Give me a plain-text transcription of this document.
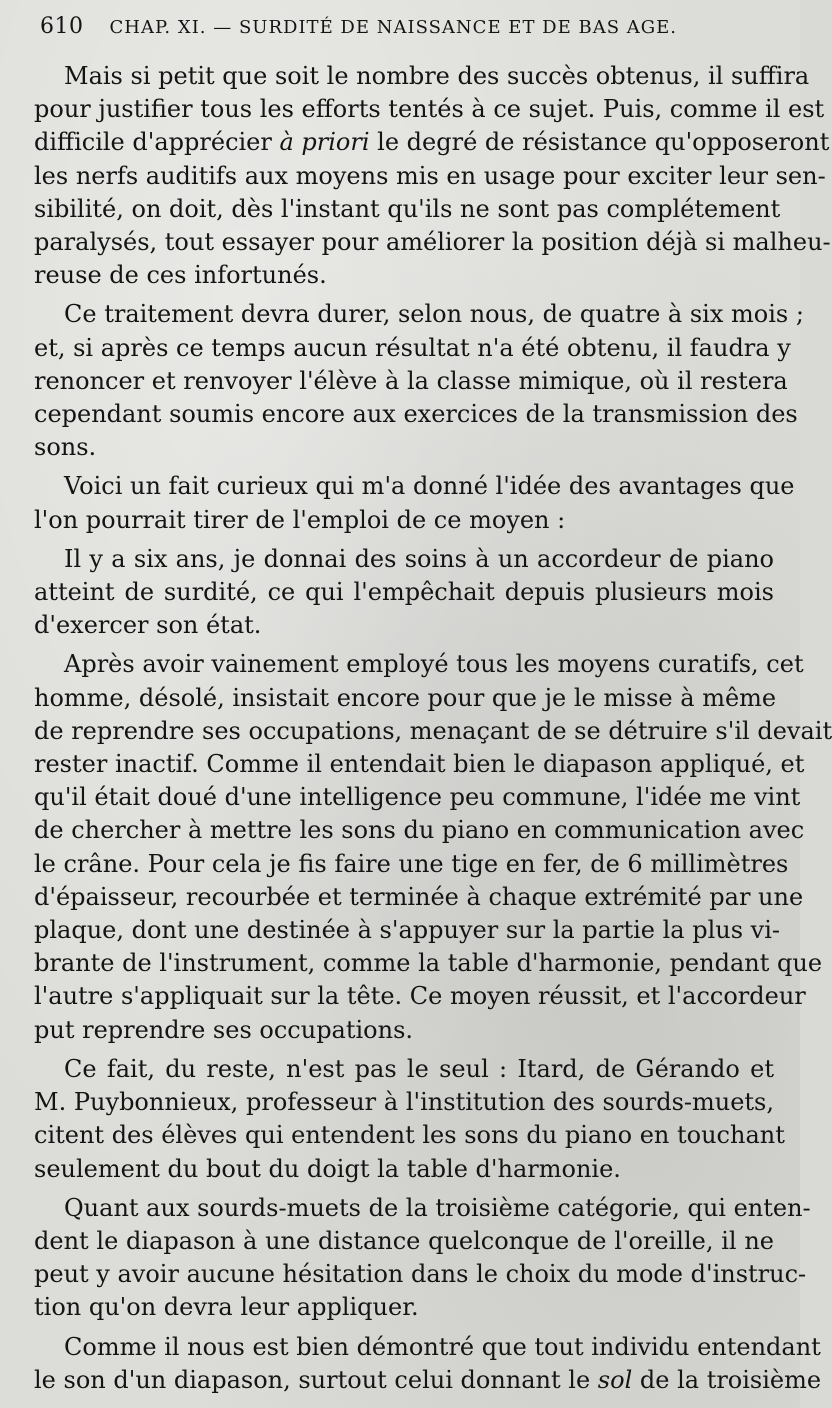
610 CHAP. XI. — SURDITÉ DE NAISSANCE ET DE BAS AGE.
Mais si petit que soit le nombre des succès obtenus, il suffira
pour justifier tous les efforts tentés à ce sujet. Puis, comme il est
difficile d'apprécier à priori le degré de résistance qu'opposeront
les nerfs auditifs aux moyens mis en usage pour exciter leur sen-
sibilité, on doit, dès l'instant qu'ils ne sont pas complétement
paralysés, tout essayer pour améliorer la position déjà si malheu-
reuse de ces infortunés.
Ce traitement devra durer, selon nous, de quatre à six mois ;
et, si après ce temps aucun résultat n'a été obtenu, il faudra y
renoncer et renvoyer l'élève à la classe mimique, où il restera
cependant soumis encore aux exercices de la transmission des
sons.
Voici un fait curieux qui m'a donné l'idée des avantages que
l'on pourrait tirer de l'emploi de ce moyen :
Il y a six ans, je donnai des soins à un accordeur de piano
atteint de surdité, ce qui l'empêchait depuis plusieurs mois
d'exercer son état.
Après avoir vainement employé tous les moyens curatifs, cet
homme, désolé, insistait encore pour que je le misse à même
de reprendre ses occupations, menaçant de se détruire s'il devait
rester inactif. Comme il entendait bien le diapason appliqué, et
qu'il était doué d'une intelligence peu commune, l'idée me vint
de chercher à mettre les sons du piano en communication avec
le crâne. Pour cela je fis faire une tige en fer, de 6 millimètres
d'épaisseur, recourbée et terminée à chaque extrémité par une
plaque, dont une destinée à s'appuyer sur la partie la plus vi-
brante de l'instrument, comme la table d'harmonie, pendant que
l'autre s'appliquait sur la tête. Ce moyen réussit, et l'accordeur
put reprendre ses occupations.
Ce fait, du reste, n'est pas le seul : Itard, de Gérando et
M. Puybonnieux, professeur à l'institution des sourds-muets,
citent des élèves qui entendent les sons du piano en touchant
seulement du bout du doigt la table d'harmonie.
Quant aux sourds-muets de la troisième catégorie, qui enten-
dent le diapason à une distance quelconque de l'oreille, il ne
peut y avoir aucune hésitation dans le choix du mode d'instruc-
tion qu'on devra leur appliquer.
Comme il nous est bien démontré que tout individu entendant
le son d'un diapason, surtout celui donnant le sol de la troisième
